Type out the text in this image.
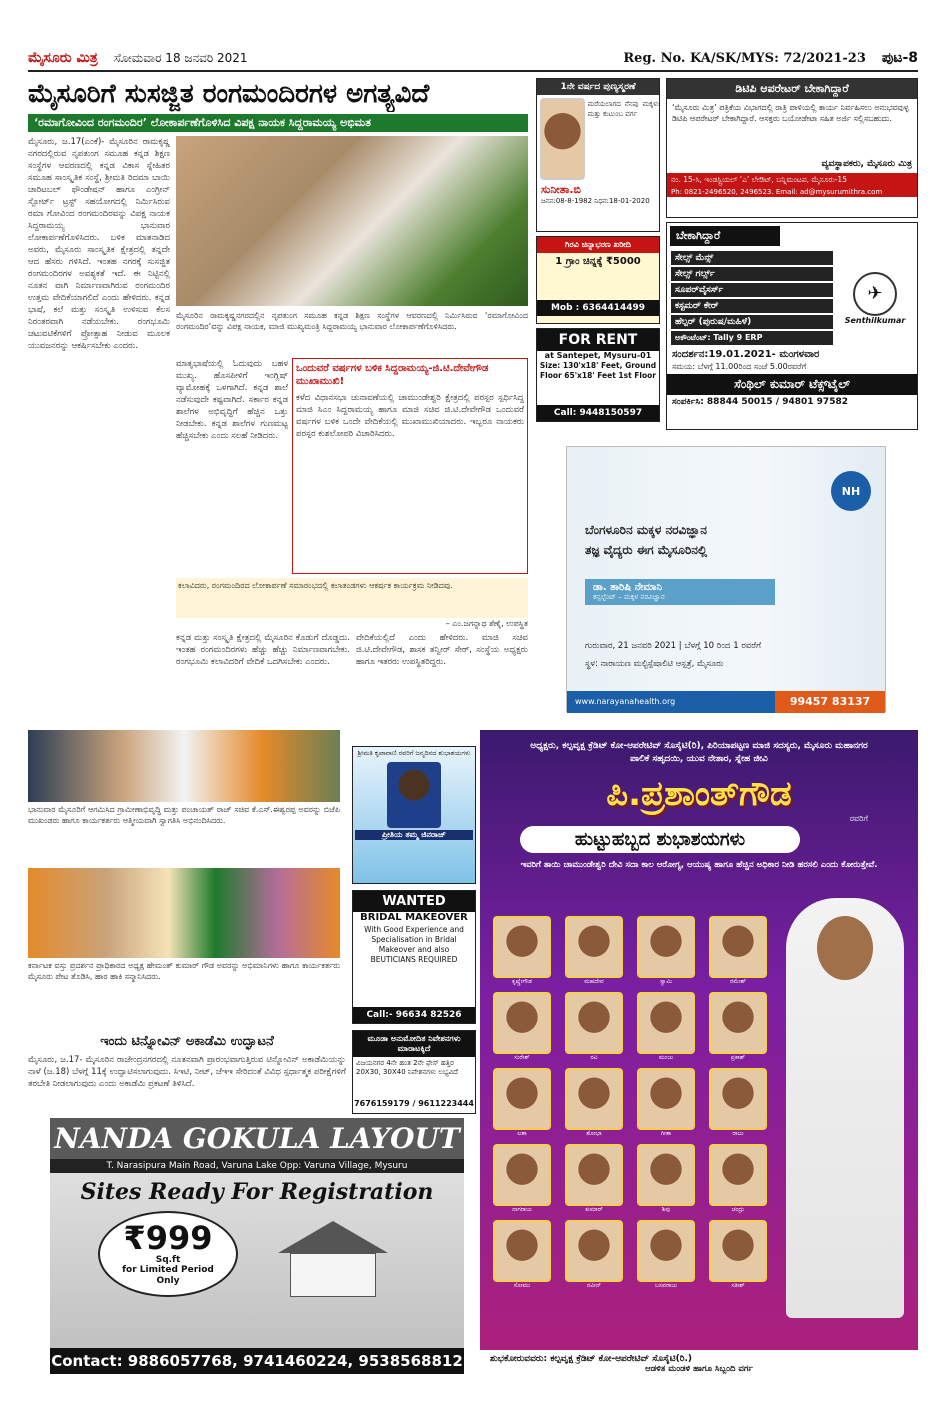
ಮೈಸೂರು ಮಿತ್ರ ಸೋಮವಾರ 18 ಜನವರಿ 2021	Reg. No. KA/SK/MYS: 72/2021-23 ಪುಟ-8
ಮೈಸೂರಿಗೆ ಸುಸಜ್ಜಿತ ರಂಗಮಂದಿರಗಳ ಅಗತ್ಯವಿದೆ
‘ರಮಾಗೋವಿಂದ ರಂಗಮಂದಿರ’ ಲೋಕಾರ್ಪಣೆಗೊಳಿಸಿದ ವಿಪಕ್ಷ ನಾಯಕ ಸಿದ್ದರಾಮಯ್ಯ ಅಭಿಮತ
ಮೈಸೂರು, ಜ.17(ಎಂಕೆ)- ಮೈಸೂರಿನ ರಾಮಕೃಷ್ಣ ನಗರದಲ್ಲಿರುವ ನೃಪತುಂಗ ಸಮೂಹ ಕನ್ನಡ ಶಿಕ್ಷಣ ಸಂಸ್ಥೆಗಳ ಆವರಣದಲ್ಲಿ ಕನ್ನಡ ವಿಕಾಸ ಸ್ನೇಹಿತರ ಸಮೂಹ ಸಾಂಸ್ಕೃತಿಕ ಸಂಸ್ಥೆ, ಶ್ರೀಮತಿ ರಿದಮಾ ಬಾಯಿ ಚಾರಿಟಬಲ್ ಫೌಂಡೇಷನ್ ಹಾಗೂ ಎಂಗ್ರೀನ್ ಸ್ಪೋರ್ಟ್ ಟ್ರಸ್ಟ್ ಸಹಯೋಗದಲ್ಲಿ ನಿರ್ಮಿಸಿರುವ ರಮಾ ಗೋವಿಂದ ರಂಗಮಂದಿರವನ್ನು ವಿಪಕ್ಷ ನಾಯಕ ಸಿದ್ದರಾಮಯ್ಯ ಭಾನುವಾರ ಲೋಕಾರ್ಪಣೆಗೊಳಿಸಿದರು. ಬಳಿಕ ಮಾತನಾಡಿದ ಅವರು, ಮೈಸೂರು ಸಾಂಸ್ಕೃತಿಕ ಕ್ಷೇತ್ರದಲ್ಲಿ ತನ್ನದೇ ಆದ ಹೆಸರು ಗಳಿಸಿದೆ. ಇಂತಹ ನಗರಕ್ಕೆ ಸುಸಜ್ಜಿತ ರಂಗಮಂದಿರಗಳ ಅವಶ್ಯಕತೆ ಇದೆ. ಈ ನಿಟ್ಟಿನಲ್ಲಿ ನೂತನ ವಾಗಿ ನಿರ್ಮಾಣವಾಗಿರುವ ರಂಗಮಂದಿರ ಉತ್ತಮ ವೇದಿಕೆಯಾಗಲಿದೆ ಎಂದು ಹೇಳಿದರು. ಕನ್ನಡ ಭಾಷೆ, ಕಲೆ ಮತ್ತು ಸಂಸ್ಕೃತಿ ಉಳಿಸುವ ಕೆಲಸ ನಿರಂತರವಾಗಿ ನಡೆಯಬೇಕು. ರಂಗಭೂಮಿ ಚಟುವಟಿಕೆಗಳಿಗೆ ಪ್ರೋತ್ಸಾಹ ನೀಡುವ ಮೂಲಕ ಯುವಜನರನ್ನು ಆಕರ್ಷಿಸಬೇಕು ಎಂದರು.
ಮೈಸೂರಿನ ರಾಮಕೃಷ್ಣನಗರದಲ್ಲಿನ ನೃಪತುಂಗ ಸಮೂಹ ಕನ್ನಡ ಶಿಕ್ಷಣ ಸಂಸ್ಥೆಗಳ ಆವರಣದಲ್ಲಿ ನಿರ್ಮಿಸಿರುವ ‘ರಮಾಗೋವಿಂದ ರಂಗಮಂದಿರ’ವನ್ನು ವಿಪಕ್ಷ ನಾಯಕ, ಮಾಜಿ ಮುಖ್ಯಮಂತ್ರಿ ಸಿದ್ದರಾಮಯ್ಯ ಭಾನುವಾರ ಲೋಕಾರ್ಪಣೆಗೊಳಿಸಿದರು.
ಮಾತೃಭಾಷೆಯಲ್ಲಿ ಓದುವುದು ಬಹಳ ಮುಖ್ಯ. ಹೊಸಪೀಳಿಗೆ ಇಂಗ್ಲಿಷ್ ವ್ಯಾಮೋಹಕ್ಕೆ ಒಳಗಾಗಿದೆ. ಕನ್ನಡ ಶಾಲೆ ನಡೆಸುವುದೇ ಕಷ್ಟವಾಗಿದೆ. ಸರ್ಕಾರ ಕನ್ನಡ ಶಾಲೆಗಳ ಅಭಿವೃದ್ಧಿಗೆ ಹೆಚ್ಚಿನ ಒತ್ತು ನೀಡಬೇಕು. ಕನ್ನಡ ಶಾಲೆಗಳ ಗುಣಮಟ್ಟ ಹೆಚ್ಚಿಸಬೇಕು ಎಂದು ಸಲಹೆ ನೀಡಿದರು.
ಒಂದುವರೆ ವರ್ಷಗಳ ಬಳಿಕ ಸಿದ್ದರಾಮಯ್ಯ-ಜಿ.ಟಿ.ದೇವೇಗೌಡ ಮುಖಾಮುಖಿ!
ಕಳೆದ ವಿಧಾನಸಭಾ ಚುನಾವಣೆಯಲ್ಲಿ ಚಾಮುಂಡೇಶ್ವರಿ ಕ್ಷೇತ್ರದಲ್ಲಿ ಪರಸ್ಪರ ಸ್ಪರ್ಧಿಸಿದ್ದ ಮಾಜಿ ಸಿಎಂ ಸಿದ್ದರಾಮಯ್ಯ ಹಾಗೂ ಮಾಜಿ ಸಚಿವ ಜಿ.ಟಿ.ದೇವೇಗೌಡ ಒಂದುವರೆ ವರ್ಷಗಳ ಬಳಿಕ ಒಂದೇ ವೇದಿಕೆಯಲ್ಲಿ ಮುಖಾಮುಖಿಯಾದರು. ಇಬ್ಬರೂ ನಾಯಕರು ಪರಸ್ಪರ ಕುಶಲೋಪರಿ ವಿಚಾರಿಸಿದರು.
ಕಲಾವಿದರು, ರಂಗಮಂದಿರದ ಲೋಕಾರ್ಪಣೆ ಸಮಾರಂಭದಲ್ಲಿ ಕಲಾತಂಡಗಳು ಆಕರ್ಷಕ ಕಾರ್ಯಕ್ರಮ ನೀಡಿದವು.
– ಎಂ.ಜಗನ್ನಾಥ ಶೆಣೈ, ಉಪಸ್ಥಿತ
ಕನ್ನಡ ಮತ್ತು ಸಂಸ್ಕೃತಿ ಕ್ಷೇತ್ರದಲ್ಲಿ ಮೈಸೂರಿನ ಕೊಡುಗೆ ದೊಡ್ಡದು. ಇಂತಹ ರಂಗಮಂದಿರಗಳು ಹೆಚ್ಚು ಹೆಚ್ಚು ನಿರ್ಮಾಣವಾಗಬೇಕು. ರಂಗಭೂಮಿ ಕಲಾವಿದರಿಗೆ ವೇದಿಕೆ ಒದಗಿಸಬೇಕು ಎಂದರು.
ವೇದಿಕೆಯಲ್ಲಿದೆ ಎಂದು ಹೇಳಿದರು. ಮಾಜಿ ಸಚಿವ ಜಿ.ಟಿ.ದೇವೇಗೌಡ, ಶಾಸಕ ತನ್ವೀರ್ ಸೇಠ್, ಸಂಸ್ಥೆಯ ಅಧ್ಯಕ್ಷರು ಹಾಗೂ ಇತರರು ಉಪಸ್ಥಿತರಿದ್ದರು.
1ನೇ ವರ್ಷದ ಪುಣ್ಯಸ್ಮರಣೆ
ಮರೆಯಲಾಗದ ನೆನಪು ಮಕ್ಕಳು ಮತ್ತು ಕುಟುಂಬ ವರ್ಗ
ಸುನೀತಾ.ಬಿ
ಜನನ:08-8-1982 ನಿಧನ:18-01-2020
ಗಿರವಿ ಚಿನ್ನಾಭರಣ ಖರೀದಿ
1 ಗ್ರಾಂ ಚಿನ್ನಕ್ಕೆ ₹5000
Mob : 6364414499
FOR RENT
at Santepet, Mysuru-01
Size: 130'x18' Feet, Ground Floor 65'x18' Feet 1st Floor
Call: 9448150597
ಡಿಟಿಪಿ ಆಪರೇಟರ್ ಬೇಕಾಗಿದ್ದಾರೆ
‘ಮೈಸೂರು ಮಿತ್ರ’ ಪತ್ರಿಕೆಯ ವಿಭಾಗದಲ್ಲಿ ರಾತ್ರಿ ಪಾಳಿಯಲ್ಲಿ ಕಾರ್ಯ ನಿರ್ವಹಿಸಲು ಅನುಭವವುಳ್ಳ ಡಿಟಿಪಿ ಆಪರೇಟರ್ ಬೇಕಾಗಿದ್ದಾರೆ. ಆಸಕ್ತರು ಬಯೋಡೇಟಾ ಸಹಿತ ಅರ್ಜಿ ಸಲ್ಲಿಸಬಹುದು.
ವ್ಯವಸ್ಥಾಪಕರು, ಮೈಸೂರು ಮಿತ್ರ
ನಂ. 15-ಸಿ, ಇಂಡಸ್ಟ್ರಿಯಲ್ ‘ಎ’ ಲೇಔಟ್, ಬನ್ನಿಮಂಟಪ, ಮೈಸೂರು-15
Ph: 0821-2496520, 2496523. Email: ad@mysurumithra.com
ಬೇಕಾಗಿದ್ದಾರೆ
ಸೇಲ್ಸ್ ಮೆನ್ಸ್
ಸೇಲ್ಸ್ ಗರ್ಲ್ಸ್
ಸೂಪರ್‌ವೈಸರ್ಸ್
ಕಸ್ಟಮರ್ ಕೇರ್
ಹೆಲ್ಪರ್ (ಪುರುಷ/ಮಹಿಳೆ)
ಅಕೌಂಟೆಂಟ್: Tally 9 ERP
✈
Senthilkumar
ಸಂದರ್ಶನ:19.01.2021- ಮಂಗಳವಾರ
ಸಮಯ: ಬೆಳಗ್ಗೆ 11.00ರಿಂದ ಸಂಜೆ 5.00ರವರೆಗೆ
ಸೆಂಥಿಲ್ ಕುಮಾರ್ ಟೆಕ್ಸ್‌ಟೈಲ್
ಸಂಪರ್ಕಿಸಿ: 88844 50015 / 94801 97582
NH
ಬೆಂಗಳೂರಿನ ಮಕ್ಕಳ ನರವಿಜ್ಞಾನ
ತಜ್ಞ ವೈದ್ಯರು ಈಗ ಮೈಸೂರಿನಲ್ಲಿ
ಡಾ. ತಾರಿಷಿ ನೇಮಾನಿ
ಕನ್ಸಲ್ಟೆಂಟ್ – ಮಕ್ಕಳ ನರವಿಜ್ಞಾನ
ಗುರುವಾರ, 21 ಜನವರಿ 2021 | ಬೆಳಗ್ಗೆ 10 ರಿಂದ 1 ರವರೆಗೆ
ಸ್ಥಳ: ನಾರಾಯಣ ಮಲ್ಟಿಸ್ಪೆಷಾಲಿಟಿ ಆಸ್ಪತ್ರೆ, ಮೈಸೂರು
www.narayanahealth.org	99457 83137
ಭಾನುವಾರ ಮೈಸೂರಿಗೆ ಆಗಮಿಸಿದ ಗ್ರಾಮೀಣಾಭಿವೃದ್ಧಿ ಮತ್ತು ಪಂಚಾಯತ್ ರಾಜ್ ಸಚಿವ ಕೆ.ಎಸ್.ಈಶ್ವರಪ್ಪ ಅವರನ್ನು ಬಿಜೆಪಿ ಮುಖಂಡರು ಹಾಗೂ ಕಾರ್ಯಕರ್ತರು ಆತ್ಮೀಯವಾಗಿ ಸ್ವಾಗತಿಸಿ ಅಭಿನಂದಿಸಿದರು.
ಕರ್ನಾಟಕ ವಸ್ತು ಪ್ರದರ್ಶನ ಪ್ರಾಧಿಕಾರದ ಅಧ್ಯಕ್ಷ ಹೇಮಂತ್ ಕುಮಾರ್ ಗೌಡ ಅವರನ್ನು ಅಭಿಮಾನಿಗಳು ಹಾಗೂ ಕಾರ್ಯಕರ್ತರು ಮೈಸೂರು ಪೇಟ ತೊಡಿಸಿ, ಹಾರ ಹಾಕಿ ಸನ್ಮಾನಿಸಿದರು.
ಶ್ರೀಮತಿ ಕೃಪಾವಾಣಿ ರವರಿಗೆ ಜನ್ಮದಿನದ ಶುಭಾಶಯಗಳು
ಪ್ರೀತಿಯ ತಮ್ಮ ಜಿನರಾಜ್
WANTED
BRIDAL MAKEOVER
With Good Experience and Specialisation in Bridal Makeover and also BEUTICIANS REQUIRED
Call:- 96634 82526
ಮೂಡಾ ಅನುಮೋದಿತ ನಿವೇಶನಗಳು ಮಾರಾಟಕ್ಕಿದೆ
ವಿಜಯನಗರ 4ನೇ ಹಂತ 2ನೇ ಫೇಸ್ ಹತ್ತಿರ 20X30, 30X40 ನಿವೇಶನಗಳು ಲಭ್ಯವಿದೆ
7676159179 / 9611223444
ಇಂದು ಟಿನ್ನೋವಿನ್ ಅಕಾಡೆಮಿ ಉದ್ಘಾಟನೆ
ಮೈಸೂರು, ಜ.17- ಮೈಸೂರಿನ ರಾಜೇಂದ್ರನಗರದಲ್ಲಿ ನೂತನವಾಗಿ ಪ್ರಾರಂಭವಾಗುತ್ತಿರುವ ಟಿನ್ನೋವಿನ್ ಅಕಾಡೆಮಿಯನ್ನು ನಾಳೆ (ಜ.18) ಬೆಳಗ್ಗೆ 11ಕ್ಕೆ ಉದ್ಘಾಟಿಸಲಾಗುವುದು. ಸಿಇಟಿ, ನೀಟ್, ಜೆಇಇ ಸೇರಿದಂತೆ ವಿವಿಧ ಸ್ಪರ್ಧಾತ್ಮಕ ಪರೀಕ್ಷೆಗಳಿಗೆ ತರಬೇತಿ ನೀಡಲಾಗುವುದು ಎಂದು ಅಕಾಡೆಮಿ ಪ್ರಕಟಣೆ ತಿಳಿಸಿದೆ.
NANDA GOKULA LAYOUT
T. Narasipura Main Road, Varuna Lake Opp: Varuna Village, Mysuru
Sites Ready For Registration
₹999
Sq.ft
for Limited Period Only
Contact: 9886057768, 9741460224, 9538568812
ಅಧ್ಯಕ್ಷರು, ಕಲ್ಪವೃಕ್ಷ ಕ್ರೆಡಿಟ್ ಕೋ-ಆಪರೇಟಿವ್ ಸೊಸೈಟಿ(ರಿ), ಪಿರಿಯಾಪಟ್ಟಣ ಮಾಜಿ ಸದಸ್ಯರು, ಮೈಸೂರು ಮಹಾನಗರ ಪಾಲಿಕೆ ಸಹೃದಯಿ, ಯುವ ನೇತಾರ, ಸ್ನೇಹ ಜೀವಿ
ಪಿ.ಪ್ರಶಾಂತ್‌ಗೌಡ
ರವರಿಗೆ
ಹುಟ್ಟುಹಬ್ಬದ ಶುಭಾಶಯಗಳು
ಇವರಿಗೆ ತಾಯಿ ಚಾಮುಂಡೇಶ್ವರಿ ದೇವಿ ಸದಾ ಕಾಲ ಆರೋಗ್ಯ, ಆಯುಷ್ಯ ಹಾಗೂ ಹೆಚ್ಚಿನ ಅಧಿಕಾರ ನೀಡಿ ಹರಸಲಿ ಎಂದು ಕೋರುತ್ತೇವೆ.
ಕೃಷ್ಣೇಗೌಡ	ಮಹದೇವ	ಸ್ವಾಮಿ	ರಮೇಶ್
ಸುರೇಶ್	ರವಿ	ಮಂಜು	ಪ್ರಕಾಶ್
ಲತಾ	ಶೋಭಾ	ಗೀತಾ	ರಾಜು
ನಾಗರಾಜು	ಕುಮಾರ್	ಶಿವು	ಚಂದ್ರು
ಸೋಮು	ನವೀನ್	ಬಸವರಾಜು	ಸತೀಶ್
ಶುಭಕೋರುವವರು: ಕಲ್ಪವೃಕ್ಷ ಕ್ರೆಡಿಟ್ ಕೋ-ಆಪರೇಟಿವ್ ಸೊಸೈಟಿ(ರಿ.)
ಆಡಳಿತ ಮಂಡಳಿ ಹಾಗೂ ಸಿಬ್ಬಂದಿ ವರ್ಗ
